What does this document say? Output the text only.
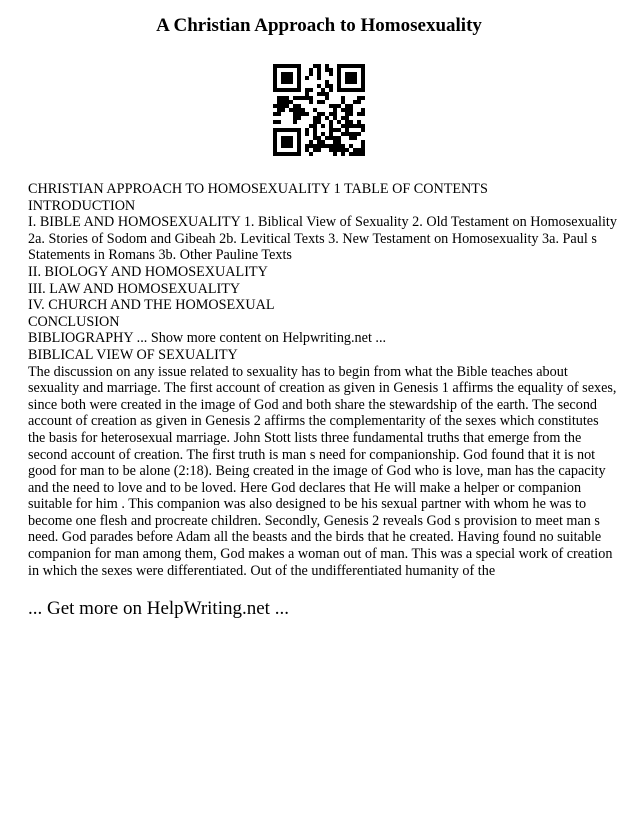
A Christian Approach to Homosexuality
CHRISTIAN APPROACH TO HOMOSEXUALITY 1 TABLE OF CONTENTS
INTRODUCTION
I. BIBLE AND HOMOSEXUALITY 1. Biblical View of Sexuality 2. Old Testament on Homosexuality 2a. Stories of Sodom and Gibeah 2b. Levitical Texts 3. New Testament on Homosexuality 3a. Paul s Statements in Romans 3b. Other Pauline Texts
II. BIOLOGY AND HOMOSEXUALITY
III. LAW AND HOMOSEXUALITY
IV. CHURCH AND THE HOMOSEXUAL
CONCLUSION
BIBLIOGRAPHY ... Show more content on Helpwriting.net ...
BIBLICAL VIEW OF SEXUALITY
The discussion on any issue related to sexuality has to begin from what the Bible teaches about sexuality and marriage. The first account of creation as given in Genesis 1 affirms the equality of sexes, since both were created in the image of God and both share the stewardship of the earth. The second account of creation as given in Genesis 2 affirms the complementarity of the sexes which constitutes the basis for heterosexual marriage. John Stott lists three fundamental truths that emerge from the second account of creation. The first truth is man s need for companionship. God found that it is not good for man to be alone (2:18). Being created in the image of God who is love, man has the capacity and the need to love and to be loved. Here God declares that He will make a helper or companion suitable for him . This companion was also designed to be his sexual partner with whom he was to become one flesh and procreate children. Secondly, Genesis 2 reveals God s provision to meet man s need. God parades before Adam all the beasts and the birds that he created. Having found no suitable companion for man among them, God makes a woman out of man. This was a special work of creation in which the sexes were differentiated. Out of the undifferentiated humanity of the
... Get more on HelpWriting.net ...
